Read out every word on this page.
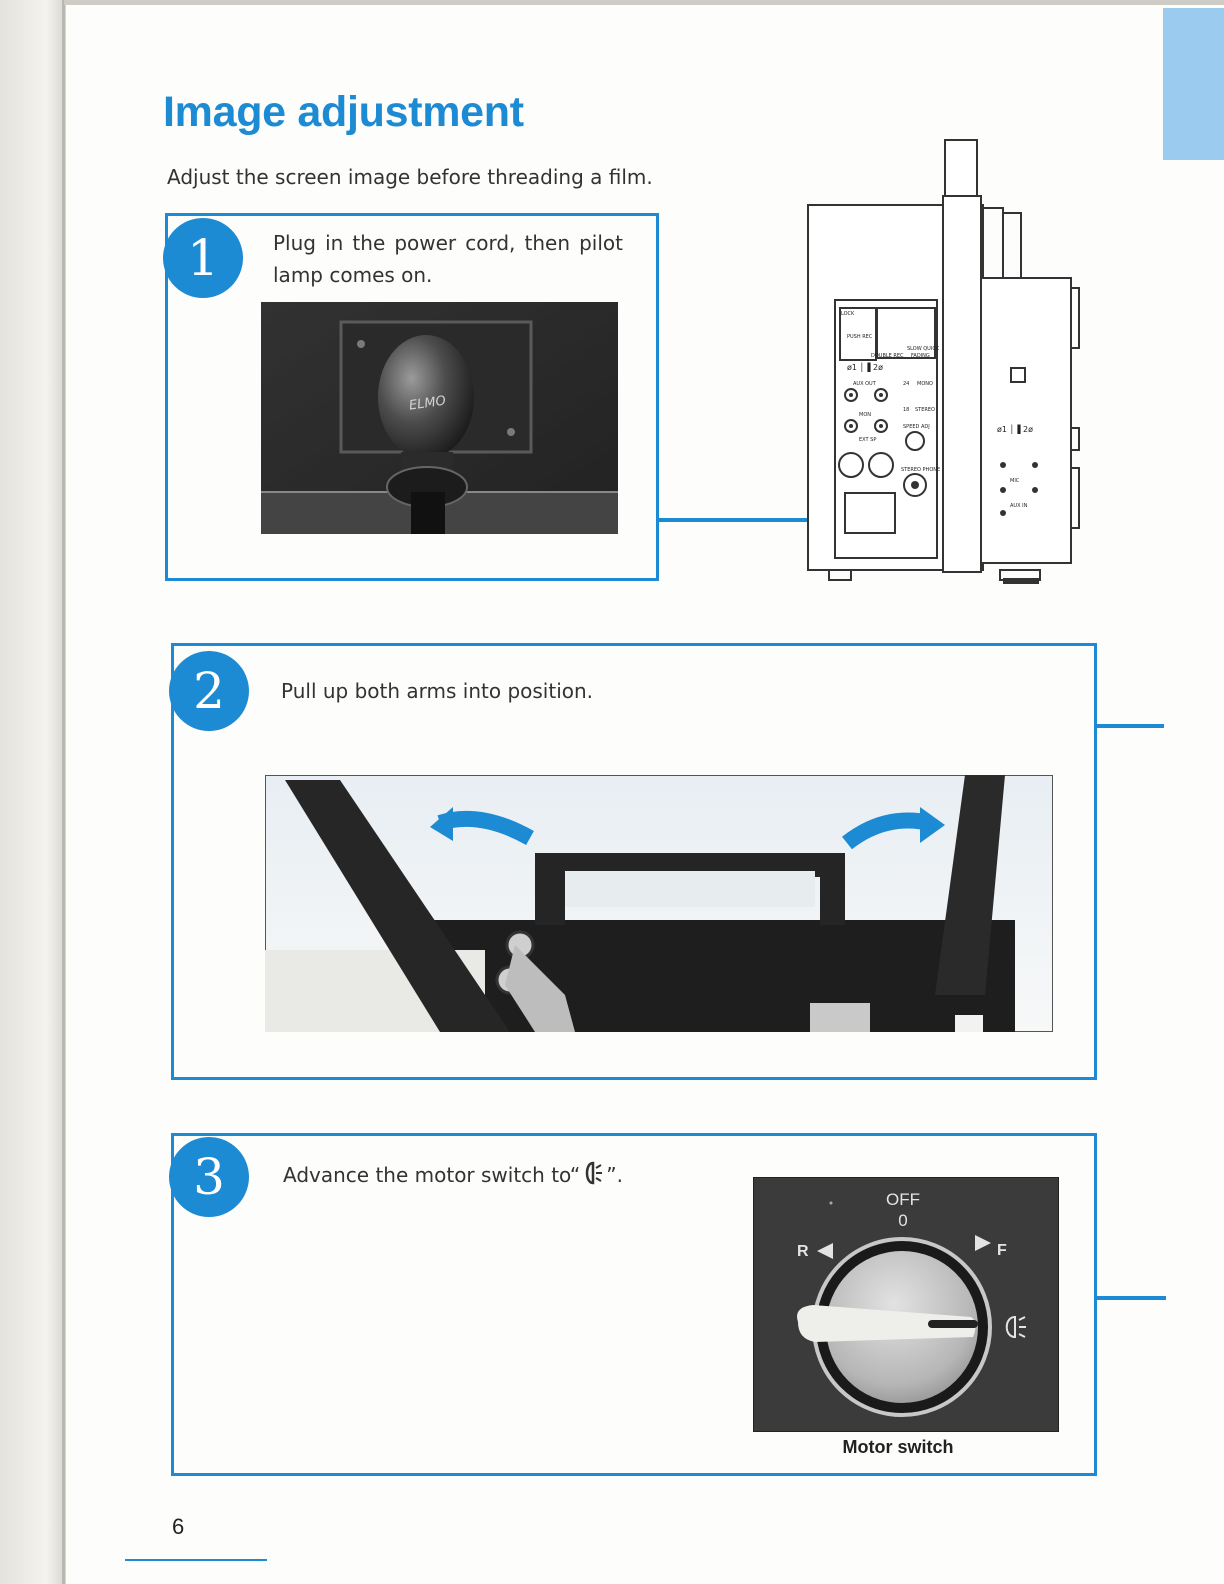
Image adjustment
Adjust the screen image before threading a film.
1	Plug in the power cord, then pilot lamp comes on.
ELMO
LOCK
PUSH REC
DOUBLE REC FADING
SLOW QUICK
AUX OUT
MON
EXT SP
24 MONO
18 STEREO
SPEED ADJ
STEREO PHONE
MIC
AUX IN
ø1 │▐ 2ø
ø1 │▐ 2ø
2	Pull up both arms into position.
3	Advance the motor switch to“ ”.
OFF
0
R	F
Motor switch
6
